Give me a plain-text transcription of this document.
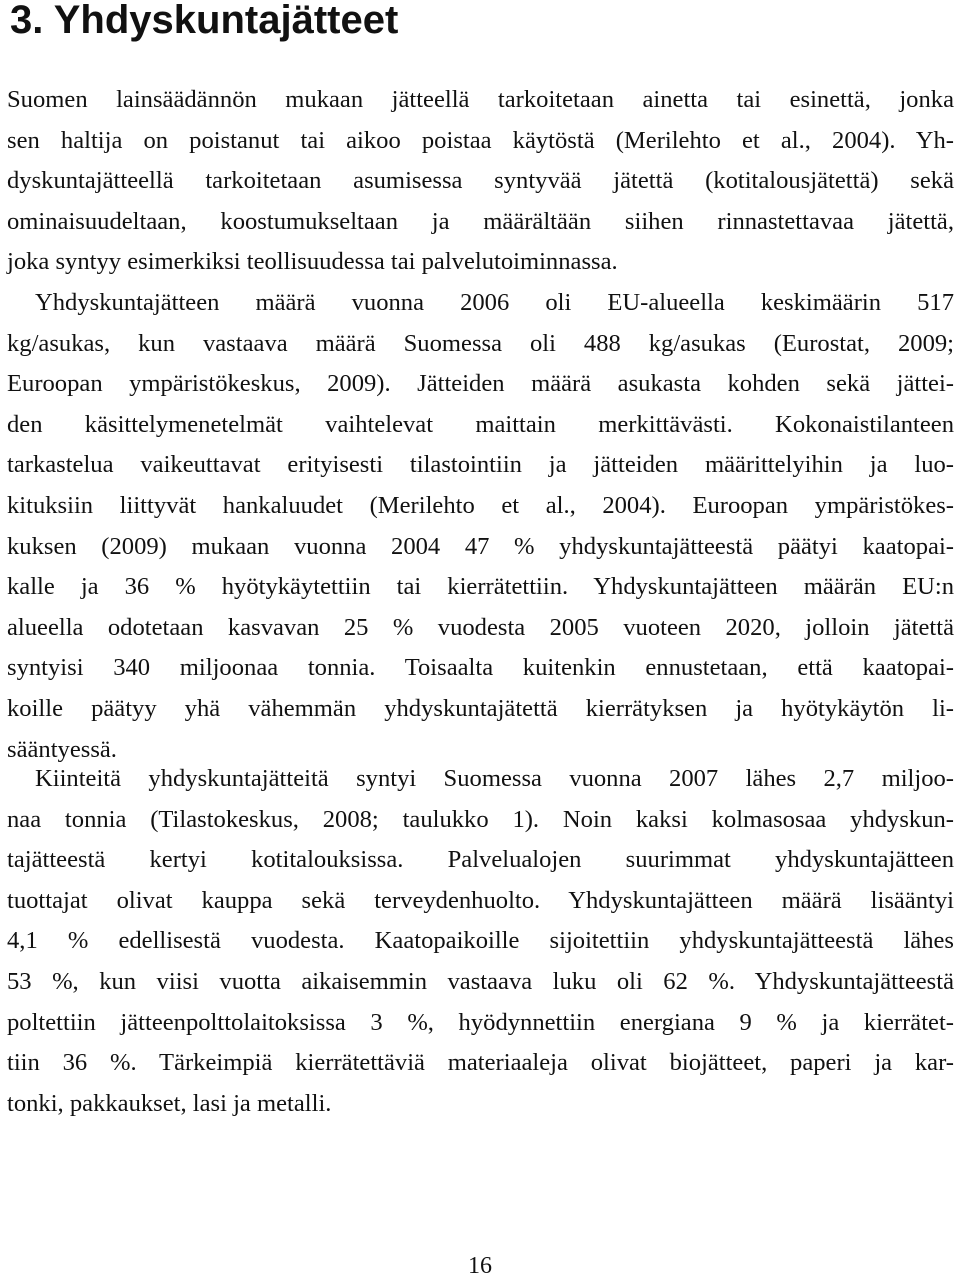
3. Yhdyskuntajätteet
Suomen lainsäädännön mukaan jätteellä tarkoitetaan ainetta tai esinettä, jonka
sen haltija on poistanut tai aikoo poistaa käytöstä (Merilehto et al., 2004). Yh-
dyskuntajätteellä tarkoitetaan asumisessa syntyvää jätettä (kotitalousjätettä) sekä
ominaisuudeltaan, koostumukseltaan ja määrältään siihen rinnastettavaa jätettä,
joka syntyy esimerkiksi teollisuudessa tai palvelutoiminnassa.
Yhdyskuntajätteen määrä vuonna 2006 oli EU-alueella keskimäärin 517
kg/asukas, kun vastaava määrä Suomessa oli 488 kg/asukas (Eurostat, 2009;
Euroopan ympäristökeskus, 2009). Jätteiden määrä asukasta kohden sekä jättei-
den käsittelymenetelmät vaihtelevat maittain merkittävästi. Kokonaistilanteen
tarkastelua vaikeuttavat erityisesti tilastointiin ja jätteiden määrittelyihin ja luo-
kituksiin liittyvät hankaluudet (Merilehto et al., 2004). Euroopan ympäristökes-
kuksen (2009) mukaan vuonna 2004 47 % yhdyskuntajätteestä päätyi kaatopai-
kalle ja 36 % hyötykäytettiin tai kierrätettiin. Yhdyskuntajätteen määrän EU:n
alueella odotetaan kasvavan 25 % vuodesta 2005 vuoteen 2020, jolloin jätettä
syntyisi 340 miljoonaa tonnia. Toisaalta kuitenkin ennustetaan, että kaatopai-
koille päätyy yhä vähemmän yhdyskuntajätettä kierrätyksen ja hyötykäytön li-
sääntyessä.
Kiinteitä yhdyskuntajätteitä syntyi Suomessa vuonna 2007 lähes 2,7 miljoo-
naa tonnia (Tilastokeskus, 2008; taulukko 1). Noin kaksi kolmasosaa yhdyskun-
tajätteestä kertyi kotitalouksissa. Palvelualojen suurimmat yhdyskuntajätteen
tuottajat olivat kauppa sekä terveydenhuolto. Yhdyskuntajätteen määrä lisääntyi
4,1 % edellisestä vuodesta. Kaatopaikoille sijoitettiin yhdyskuntajätteestä lähes
53 %, kun viisi vuotta aikaisemmin vastaava luku oli 62 %. Yhdyskuntajätteestä
poltettiin jätteenpolttolaitoksissa 3 %, hyödynnettiin energiana 9 % ja kierrätet-
tiin 36 %. Tärkeimpiä kierrätettäviä materiaaleja olivat biojätteet, paperi ja kar-
tonki, pakkaukset, lasi ja metalli.
16
